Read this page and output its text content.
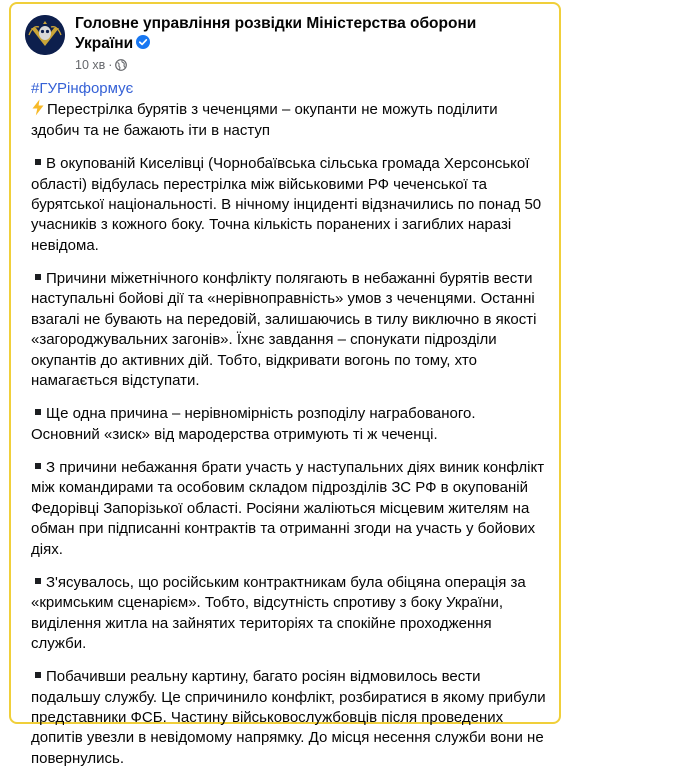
Головне управління розвідки Міністерства оборони України
10 хв ·
#ГУРінформує

Перестрілка бурятів з чеченцями – окупанти не можуть поділити здобич та не бажають іти в наступ

В окупованій Киселівці (Чорнобаївська сільська громада Херсонської області) відбулась перестрілка між військовими РФ чеченської та бурятської національності. В нічному інциденті відзначились по понад 50 учасників з кожного боку. Точна кількість поранених і загиблих наразі невідома.

Причини міжетнічного конфлікту полягають в небажанні бурятів вести наступальні бойові дії та «нерівноправність» умов з чеченцями. Останні взагалі не бувають на передовій, залишаючись в тилу виключно в якості «загороджувальних загонів». Їхнє завдання – спонукати підрозділи окупантів до активних дій. Тобто, відкривати вогонь по тому, хто намагається відступати.

Ще одна причина – нерівномірність розподілу награбованого. Основний «зиск» від мародерства отримують ті ж чеченці.

З причини небажання брати участь у наступальних діях виник конфлікт між командирами та особовим складом підрозділів ЗС РФ в окупованій Федорівці Запорізької області. Росіяни жаліються місцевим жителям на обман при підписанні контрактів та отриманні згоди на участь у бойових діях.

З'ясувалось, що російським контрактникам була обіцяна операція за «кримським сценарієм». Тобто, відсутність спротиву з боку України, виділення житла на зайнятих територіях та спокійне проходження служби.

Побачивши реальну картину, багато росіян відмовилось вести подальшу службу. Це спричинило конфлікт, розбиратися в якому прибули представники ФСБ. Частину військовослужбовців після проведених допитів увезли в невідомому напрямку. До місця несення служби вони не повернулись.
